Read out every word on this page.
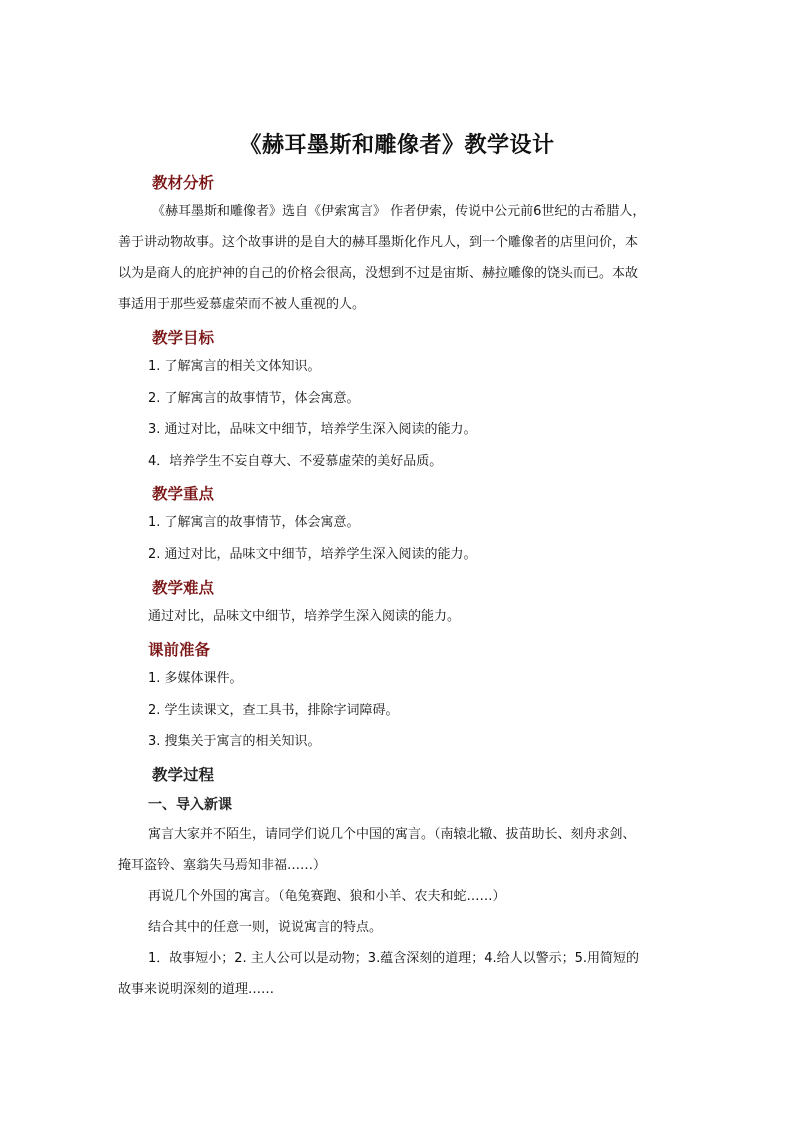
《赫耳墨斯和雕像者》教学设计
教材分析
《赫耳墨斯和雕像者》选自《伊索寓言》 作者伊索，传说中公元前6世纪的古希腊人，
善于讲动物故事。这个故事讲的是自大的赫耳墨斯化作凡人，到一个雕像者的店里问价，本
以为是商人的庇护神的自己的价格会很高，没想到不过是宙斯、赫拉雕像的饶头而已。本故
事适用于那些爱慕虚荣而不被人重视的人。
教学目标
1. 了解寓言的相关文体知识。
2. 了解寓言的故事情节，体会寓意。
3. 通过对比，品味文中细节，培养学生深入阅读的能力。
4．培养学生不妄自尊大、不爱慕虚荣的美好品质。
教学重点
1. 了解寓言的故事情节，体会寓意。
2. 通过对比，品味文中细节，培养学生深入阅读的能力。
教学难点
通过对比，品味文中细节，培养学生深入阅读的能力。
课前准备
1. 多媒体课件。
2. 学生读课文，查工具书，排除字词障碍。
3. 搜集关于寓言的相关知识。
教学过程
一、导入新课
寓言大家并不陌生，请同学们说几个中国的寓言。（南辕北辙、拔苗助长、刻舟求剑、
掩耳盗铃、塞翁失马焉知非福……）
再说几个外国的寓言。（龟兔赛跑、狼和小羊、农夫和蛇……）
结合其中的任意一则，说说寓言的特点。
1．故事短小；2. 主人公可以是动物；3.蕴含深刻的道理；4.给人以警示；5.用简短的
故事来说明深刻的道理……
